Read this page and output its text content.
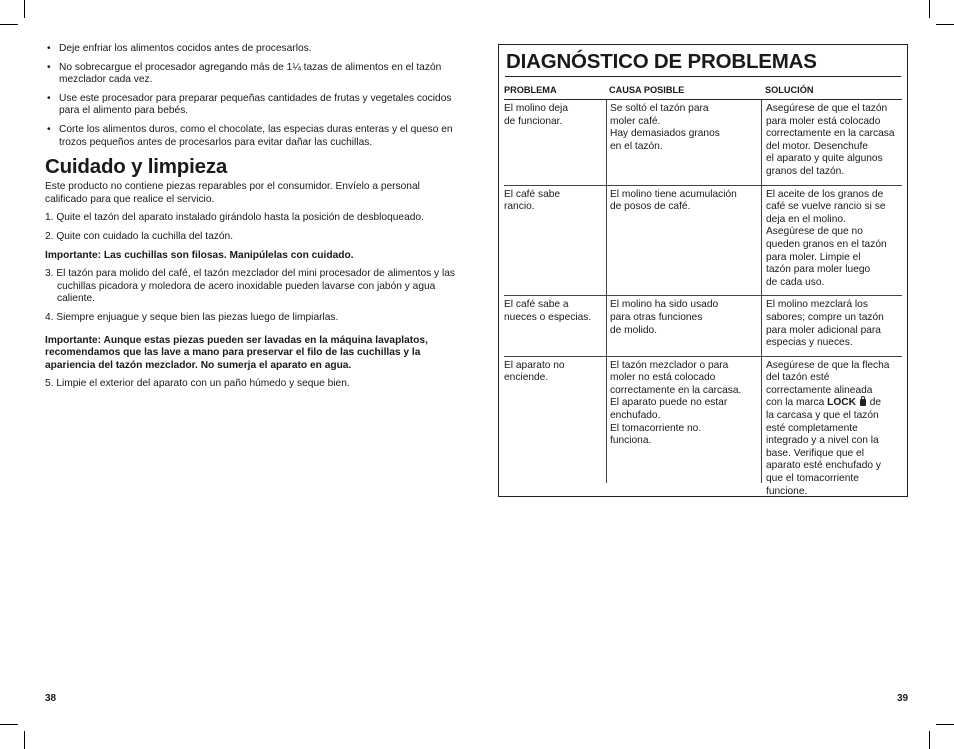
• Deje enfriar los alimentos cocidos antes de procesarlos.
• No sobrecargue el procesador agregando más de 1¼ tazas de alimentos en el tazón mezclador cada vez.
• Use este procesador para preparar pequeñas cantidades de frutas y vegetales cocidos para el alimento para bebés.
• Corte los alimentos duros, como el chocolate, las especias duras enteras y el queso en trozos pequeños antes de procesarlos para evitar dañar las cuchillas.
Cuidado y limpieza

Este producto no contiene piezas reparables por el consumidor. Envíelo a personal calificado para que realice el servicio.

1. Quite el tazón del aparato instalado girándolo hasta la posición de desbloqueado.

2. Quite con cuidado la cuchilla del tazón.

Importante: Las cuchillas son filosas. Manipúlelas con cuidado.

3. El tazón para molido del café, el tazón mezclador del mini procesador de alimentos y las cuchillas picadora y moledora de acero inoxidable pueden lavarse con jabón y agua caliente.

4. Siempre enjuague y seque bien las piezas luego de limpiarlas.

Importante: Aunque estas piezas pueden ser lavadas en la máquina lavaplatos, recomendamos que las lave a mano para preservar el filo de las cuchillas y la apariencia del tazón mezclador. No sumerja el aparato en agua.

5. Limpie el exterior del aparato con un paño húmedo y seque bien.

38
DIAGNÓSTICO DE PROBLEMAS
PROBLEMA	CAUSA POSIBLE	SOLUCIÓN
El molino deja
de funcionar.
Se soltó el tazón para
moler café.
Hay demasiados granos
en el tazón.
Asegúrese de que el tazón
para moler está colocado
correctamente en la carcasa
del motor. Desenchufe
el aparato y quite algunos
granos del tazón.
El café sabe
rancio.
El molino tiene acumulación
de posos de café.
El aceite de los granos de
café se vuelve rancio si se
deja en el molino.
Asegúrese de que no
queden granos en el tazón
para moler. Limpie el
tazón para moler luego
de cada uso.
El café sabe a
nueces o especias.
El molino ha sido usado
para otras funciones
de molido.
El molino mezclará los
sabores; compre un tazón
para moler adicional para
especias y nueces.
El aparato no
enciende.
El tazón mezclador o para
moler no está colocado
correctamente en la carcasa.
El aparato puede no estar
enchufado.
El tomacorriente no.
funciona.
Asegúrese de que la flecha
del tazón esté
correctamente alineada
con la marca LOCK  de
la carcasa y que el tazón
esté completamente
integrado y a nivel con la
base. Verifique que el
aparato esté enchufado y
que el tomacorriente
funcione.
39
